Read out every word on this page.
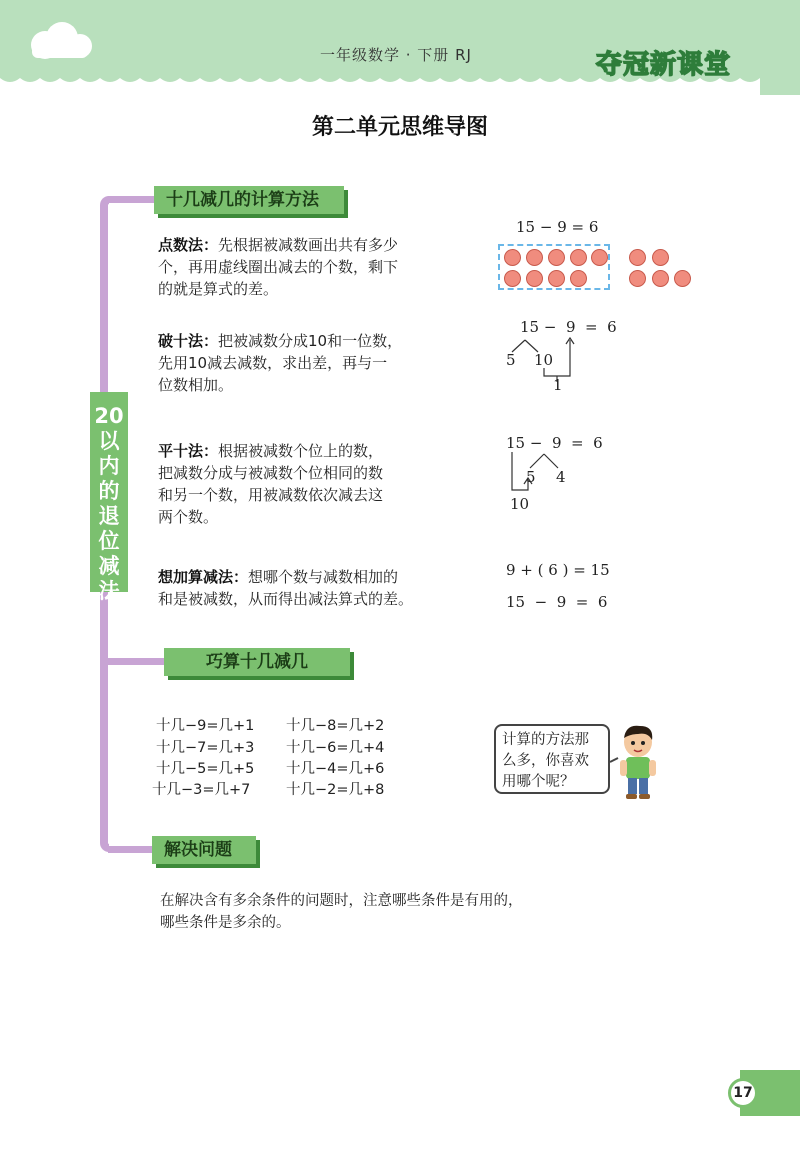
一年级数学 · 下册 RJ	夺冠新课堂
第二单元思维导图
20
以
内
的
退
位
减
法
十几减几的计算方法
巧算十几减几
解决问题
点数法：先根据被减数画出共有多少
个，再用虚线圈出减去的个数，剩下
的就是算式的差。
15 − 9 = 6
破十法：把被减数分成10和一位数，
先用10减去减数，求出差，再与一
位数相加。
15 −  9  =  6
5 10
1
平十法：根据被减数个位上的数，
把减数分成与被减数个位相同的数
和另一个数，用被减数依次减去这
两个数。
15 −  9  =  6
5 4
10
想加算减法：想哪个数与减数相加的
和是被减数，从而得出减法算式的差。
9 + ( 6 ) = 15
15  −  9  =  6
十几−9=几+1
十几−7=几+3
十几−5=几+5
十几−3=几+7
十几−8=几+2
十几−6=几+4
十几−4=几+6
十几−2=几+8
计算的方法那
么多，你喜欢
用哪个呢？
在解决含有多余条件的问题时，注意哪些条件是有用的，
哪些条件是多余的。
17
